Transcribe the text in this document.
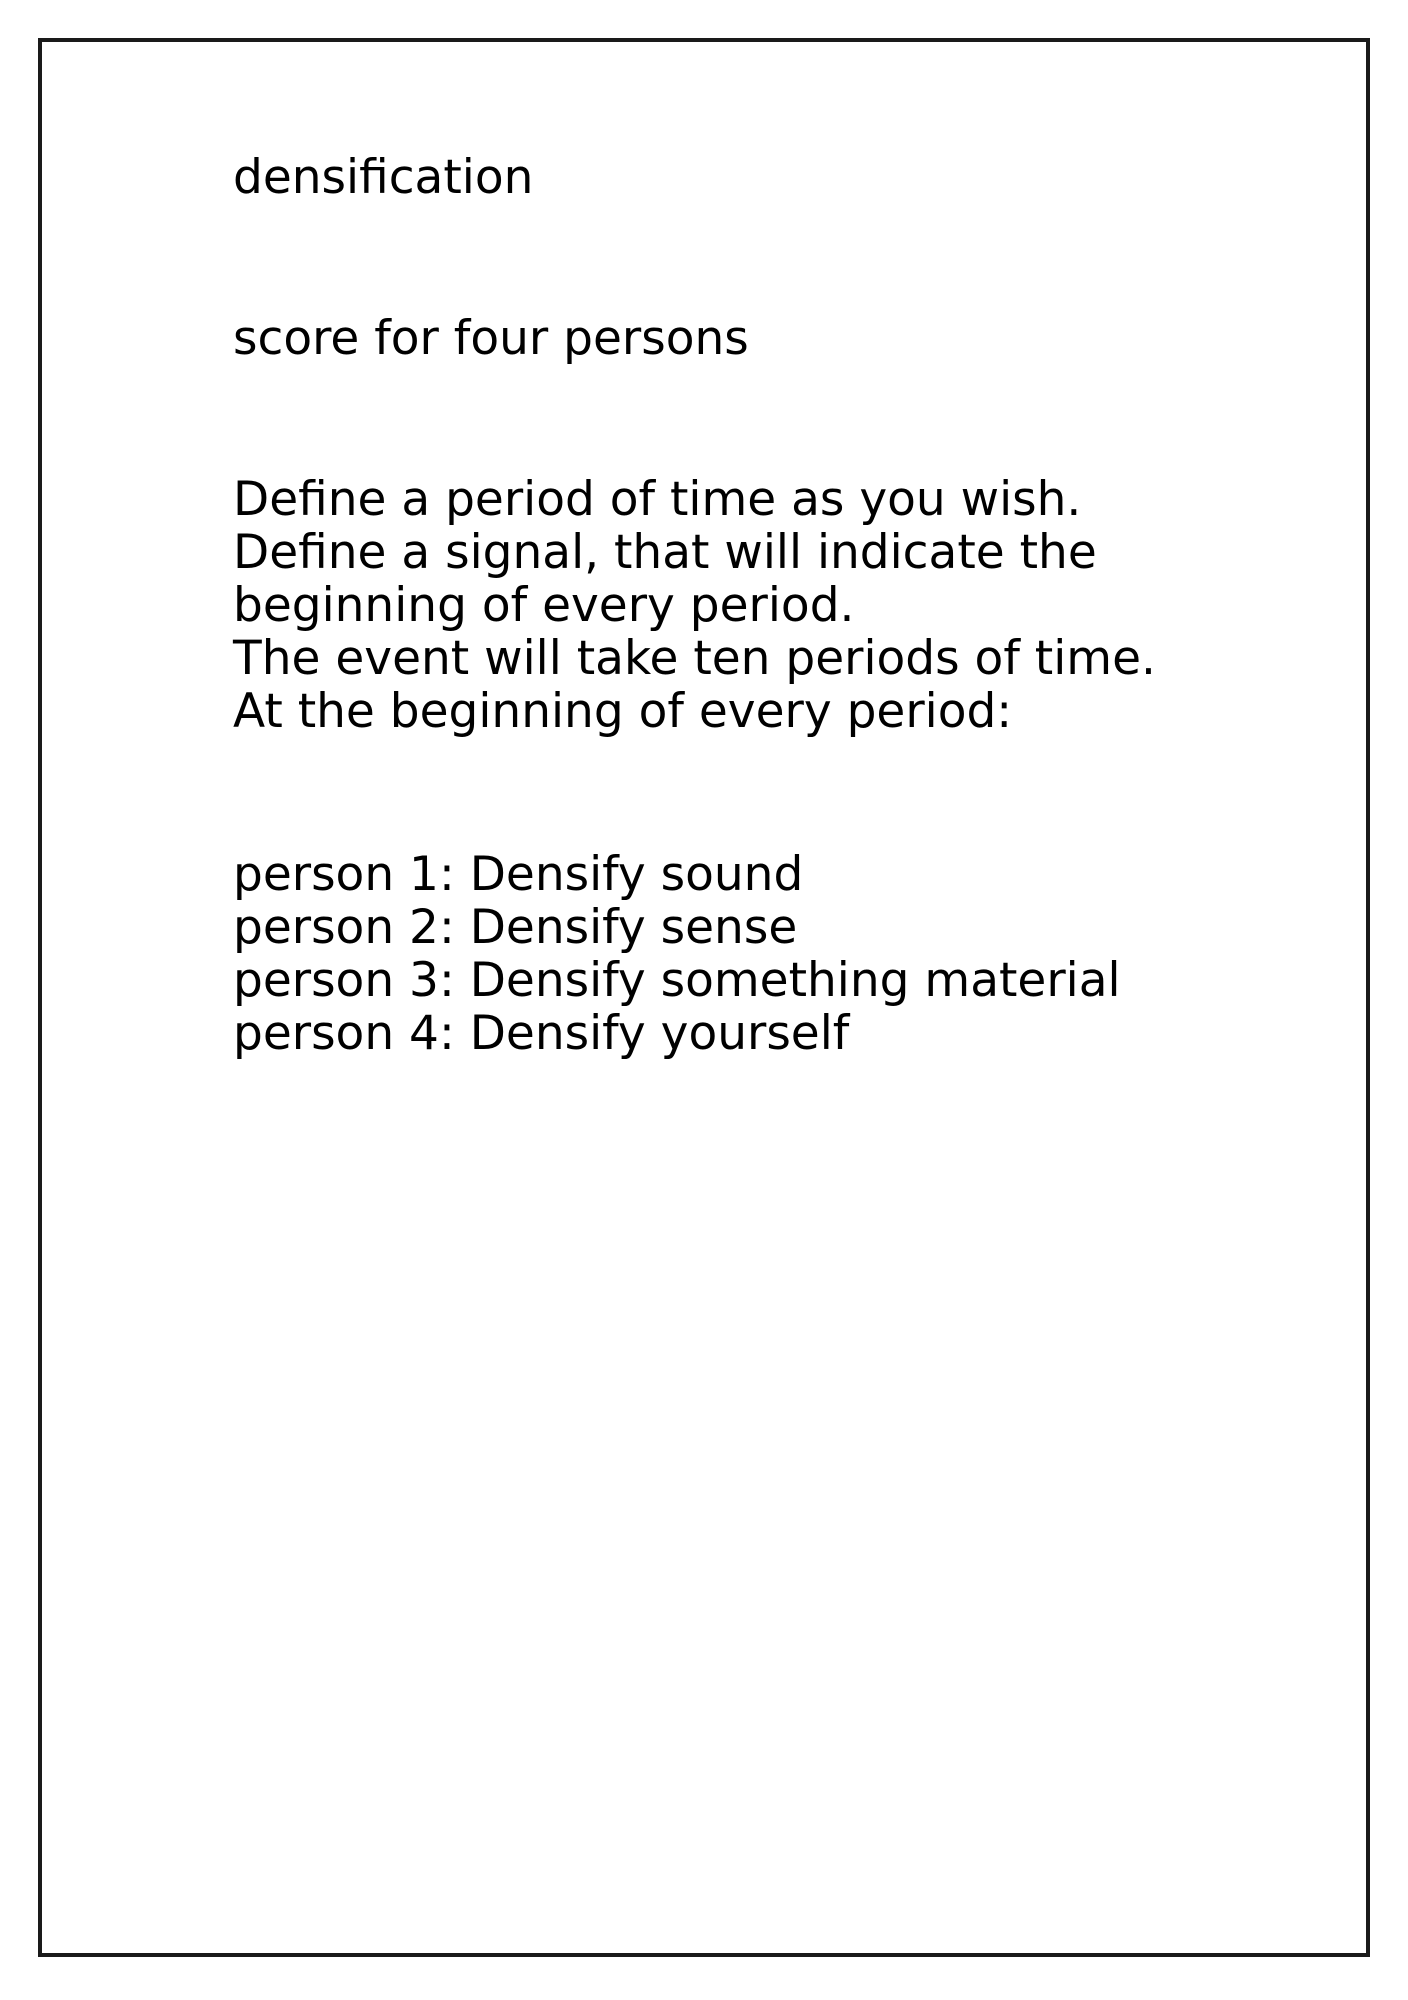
densification
score for four persons
Define a period of time as you wish.
Define a signal, that will indicate the
beginning of every period.
The event will take ten periods of time.
At the beginning of every period:
person 1: Densify sound
person 2: Densify sense
person 3: Densify something material
person 4: Densify yourself
